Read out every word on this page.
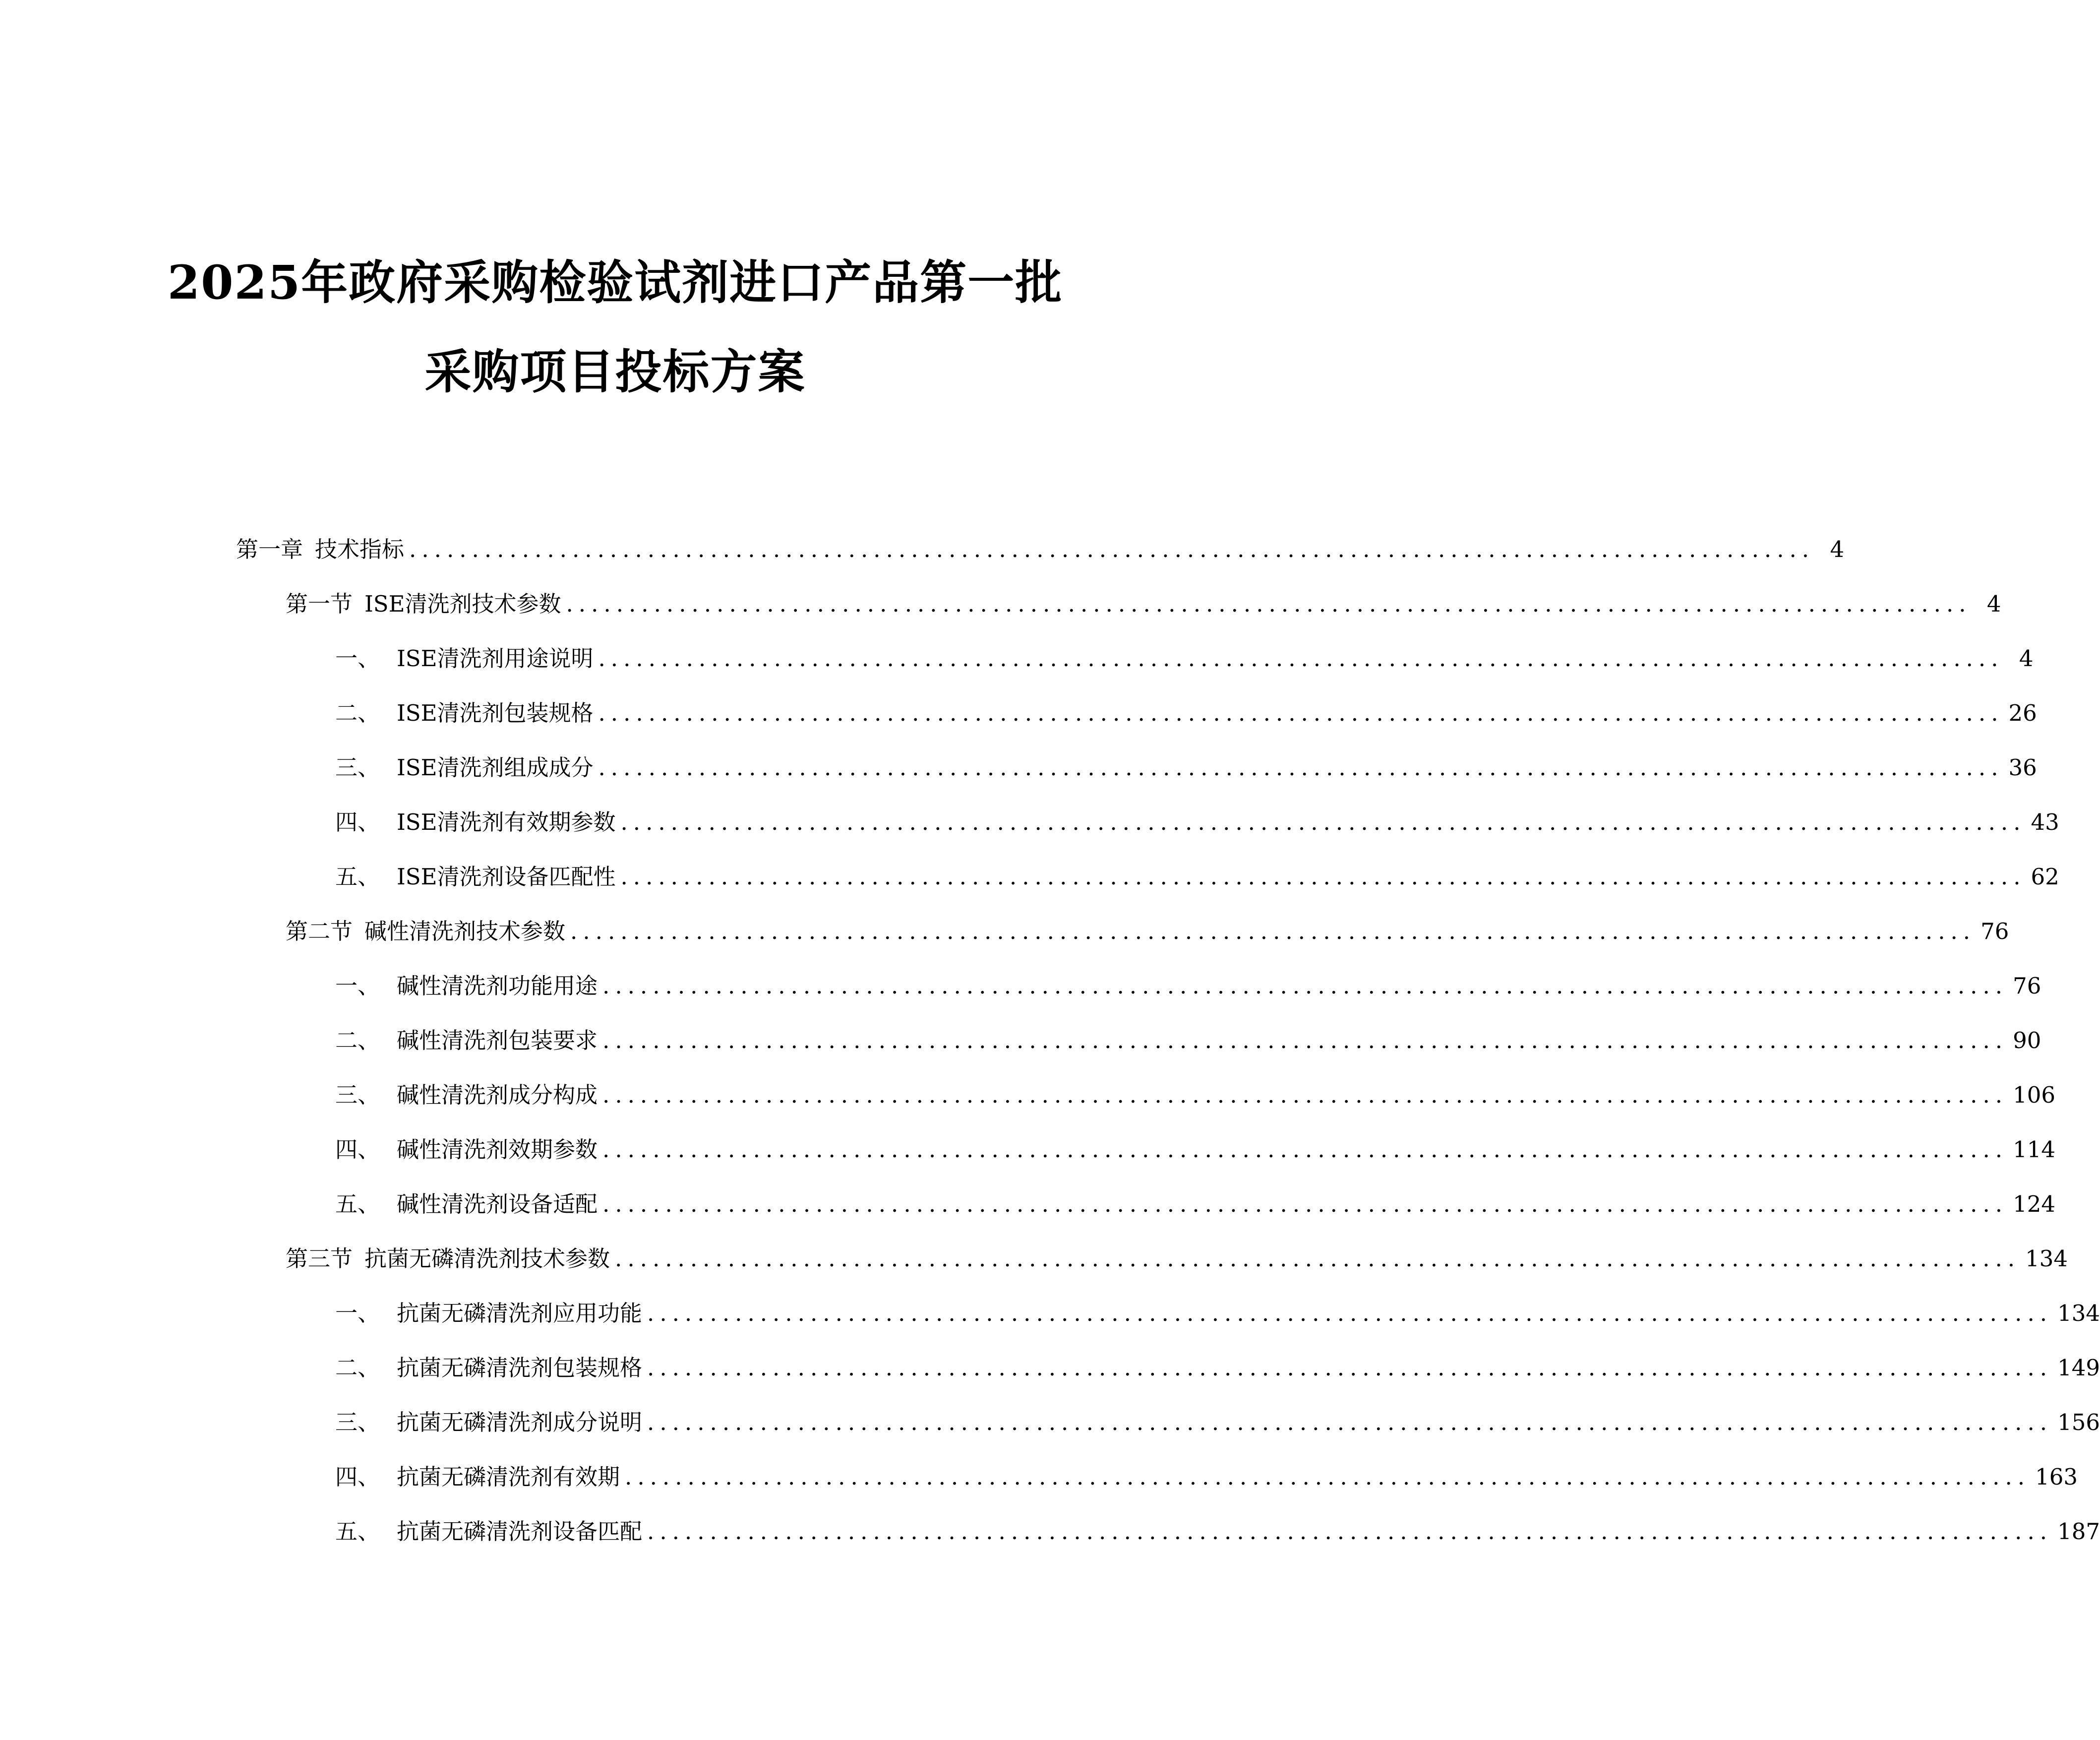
2025年政府采购检验试剂进口产品第一批
采购项目投标方案
第一章 技术指标 ................................................................................................................ 4
第一节 ISE清洗剂技术参数 ................................................................................................................ 4
一、 ISE清洗剂用途说明 ................................................................................................................ 4
二、 ISE清洗剂包装规格 ................................................................................................................ 26
三、 ISE清洗剂组成成分 ................................................................................................................ 36
四、 ISE清洗剂有效期参数 ................................................................................................................ 43
五、 ISE清洗剂设备匹配性 ................................................................................................................ 62
第二节 碱性清洗剂技术参数 ................................................................................................................ 76
一、 碱性清洗剂功能用途 ................................................................................................................ 76
二、 碱性清洗剂包装要求 ................................................................................................................ 90
三、 碱性清洗剂成分构成 ................................................................................................................ 106
四、 碱性清洗剂效期参数 ................................................................................................................ 114
五、 碱性清洗剂设备适配 ................................................................................................................ 124
第三节 抗菌无磷清洗剂技术参数 ................................................................................................................ 134
一、 抗菌无磷清洗剂应用功能 ................................................................................................................ 134
二、 抗菌无磷清洗剂包装规格 ................................................................................................................ 149
三、 抗菌无磷清洗剂成分说明 ................................................................................................................ 156
四、 抗菌无磷清洗剂有效期 ................................................................................................................ 163
五、 抗菌无磷清洗剂设备匹配 ................................................................................................................ 187
